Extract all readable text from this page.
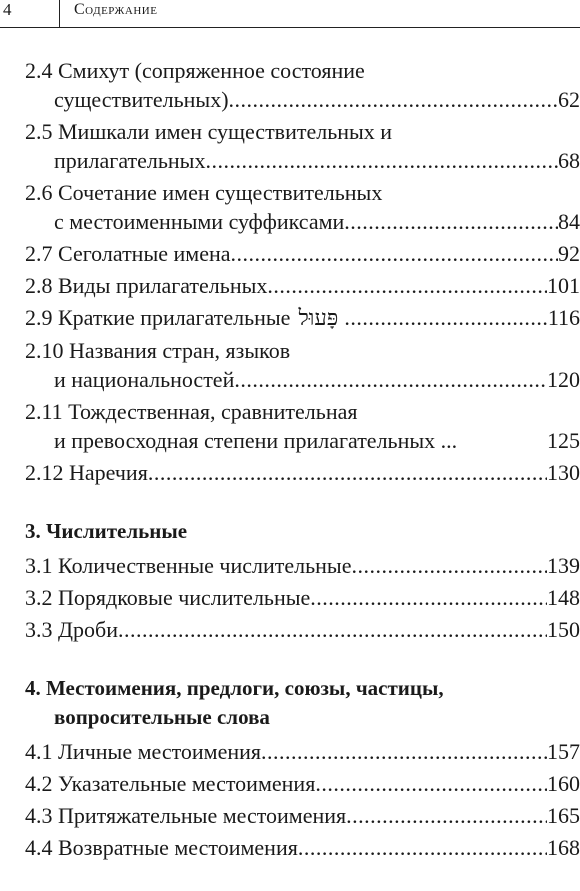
4	Содержание
2.4 Смихут (сопряженное состояние
существительных) .....	62
2.5 Мишкали имен существительных и
прилагательных .....	68
2.6 Сочетание имен существительных
с местоименными суффиксами .....	84
2.7 Сеголатные имена .....	92
2.8 Виды прилагательных .....	101
2.9 Краткие прилагательные פָּעוּל .....	116
2.10 Названия стран, языков
и национальностей .....	120
2.11 Тождественная, сравнительная
и превосходная степени прилагательных ...	125
2.12 Наречия .....	130
3. Числительные
3.1 Количественные числительные .....	139
3.2 Порядковые числительные .....	148
3.3 Дроби .....	150
4. Местоимения, предлоги, союзы, частицы,
вопросительные слова
4.1 Личные местоимения .....	157
4.2 Указательные местоимения .....	160
4.3 Притяжательные местоимения .....	165
4.4 Возвратные местоимения .....	168
